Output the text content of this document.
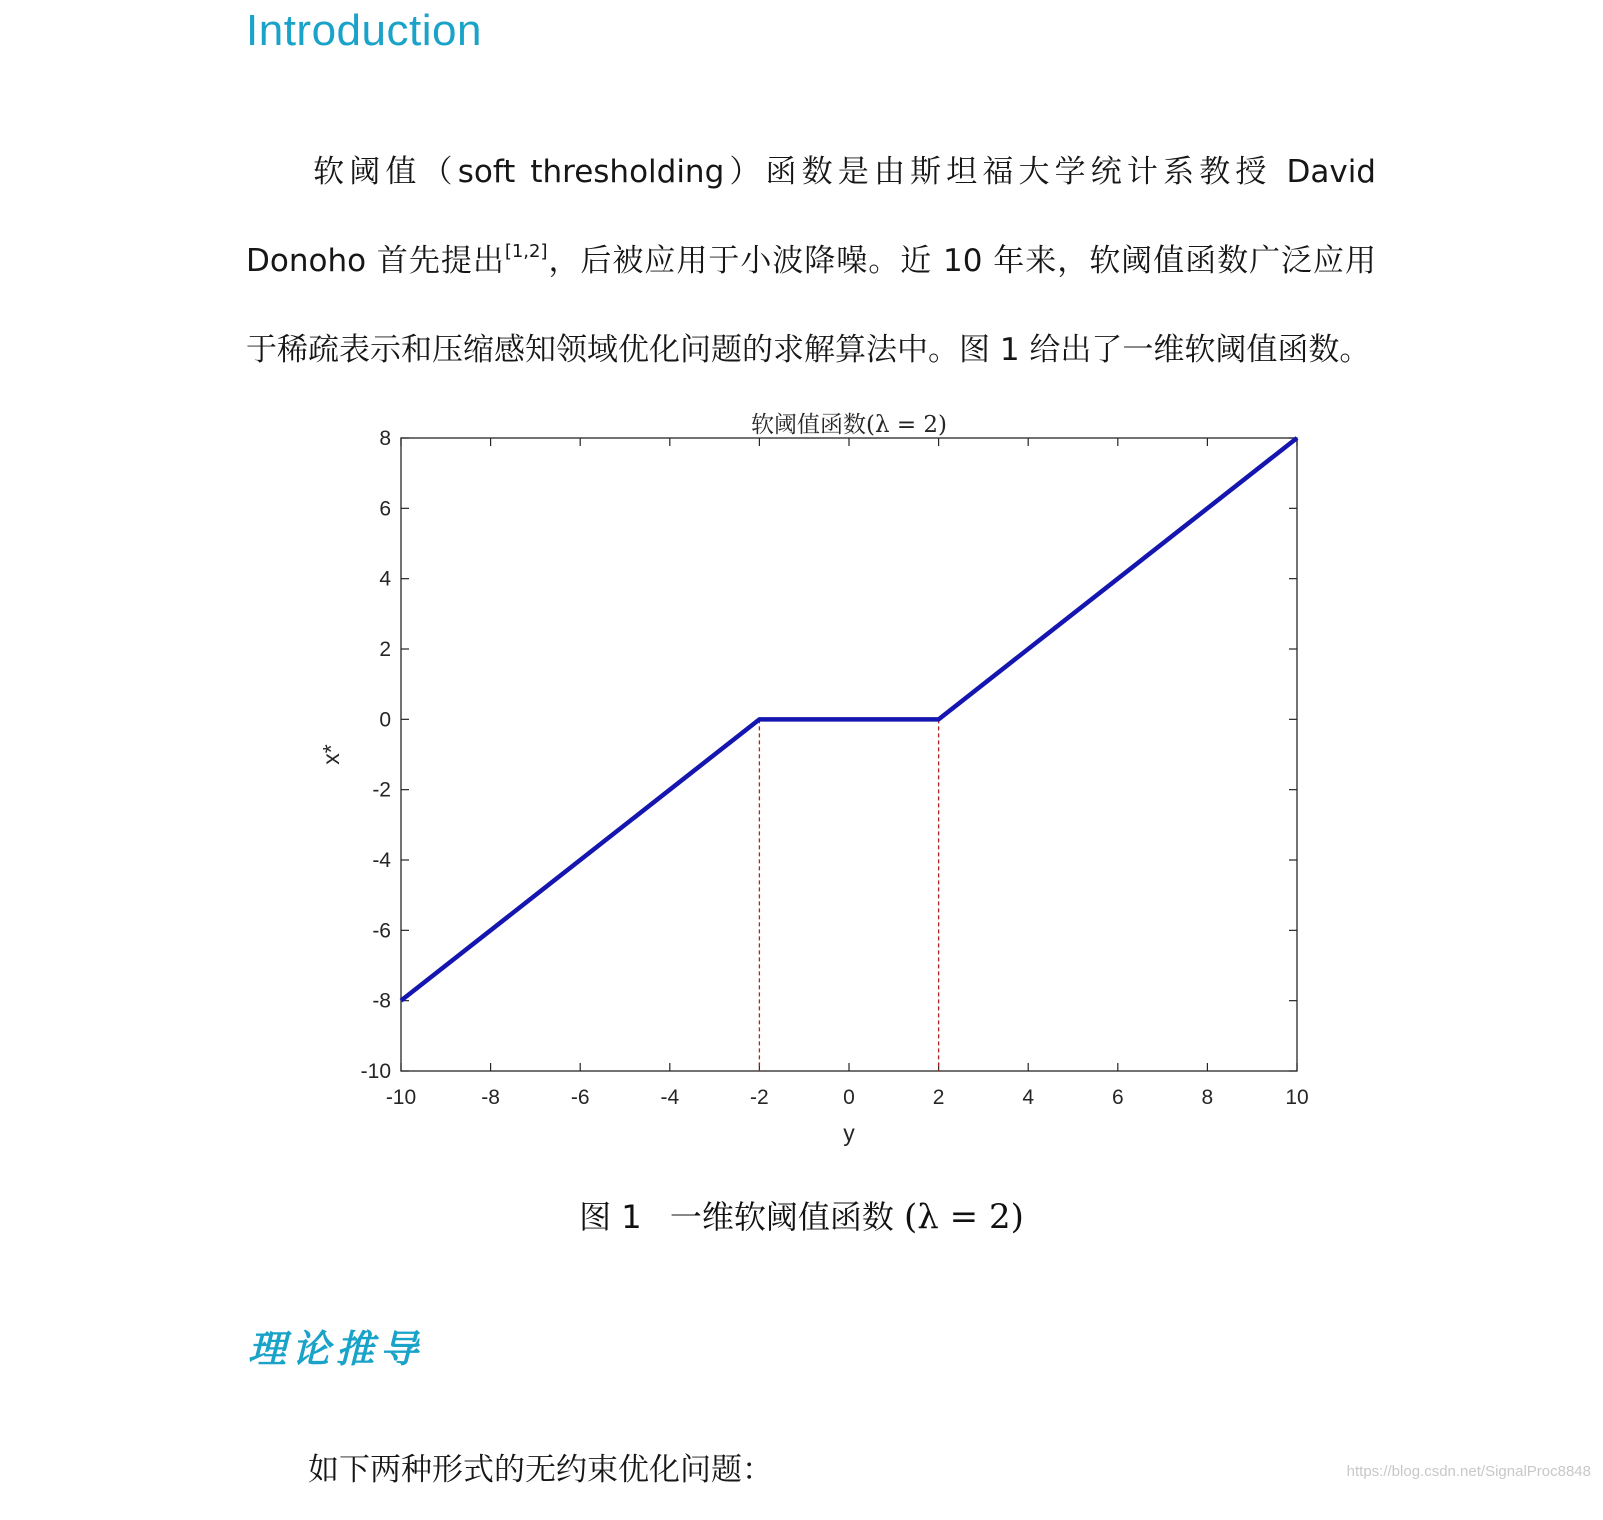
Introduction
软阈值（soft thresholding）函数是由斯坦福大学统计系教授 David Donoho 首先提出[1,2]，后被应用于小波降噪。近 10 年来，软阈值函数广泛应用于稀疏表示和压缩感知领域优化问题的求解算法中。图 1 给出了一维软阈值函数。
-10	-8	-6	-4	-2	0	2	4	6	8	10
-10
-8
-6
-4
-2
0
2
4
6
8
软阈值函数(λ = 2)
y
x*
图 1 一维软阈值函数 (λ = 2)
理论推导
如下两种形式的无约束优化问题：	https://blog.csdn.net/SignalProc8848
